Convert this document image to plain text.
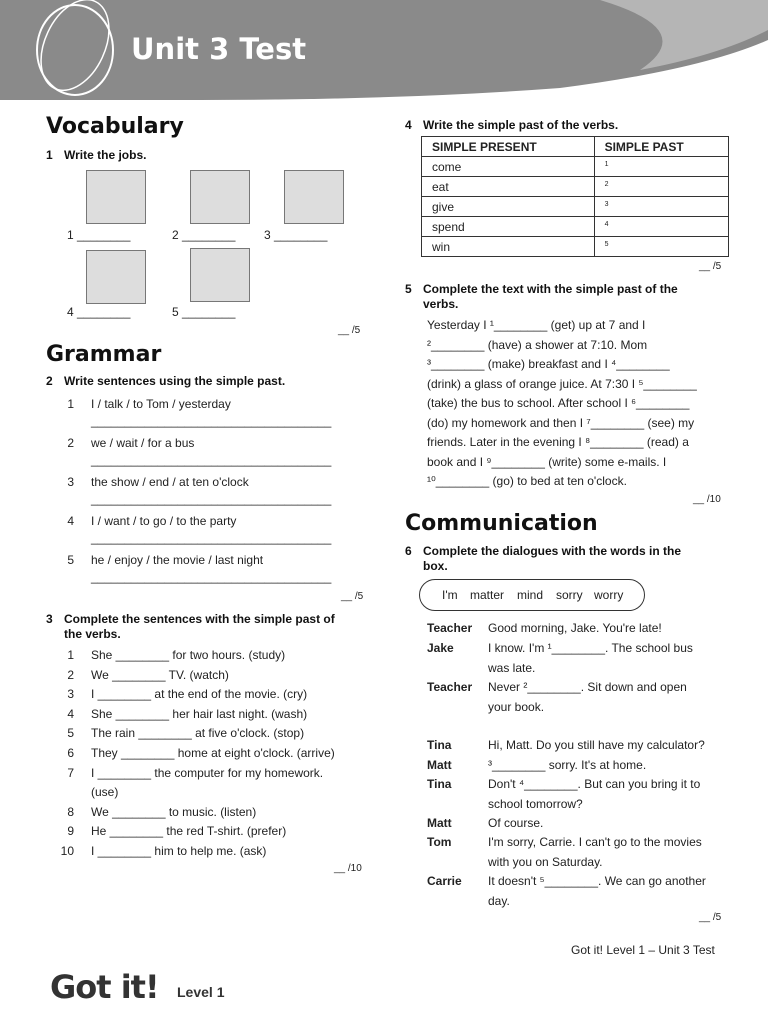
Unit 3 Test
Vocabulary
1 Write the jobs.
1 ________	2 ________ 3 ________
4 ________	5 ________
__ /5
Grammar
2 Write sentences using the simple past.
1 I / talk / to Tom / yesterday
____________________________________
2 we / wait / for a bus
____________________________________
3 the show / end / at ten o'clock
____________________________________
4 I / want / to go / to the party
____________________________________
5 he / enjoy / the movie / last night
____________________________________
__ /5
3 Complete the sentences with the simple past of
the verbs.
1 She ________ for two hours. (study)
2 We ________ TV. (watch)
3 I ________ at the end of the movie. (cry)
4 She ________ her hair last night. (wash)
5 The rain ________ at five o'clock. (stop)
6 They ________ home at eight o'clock. (arrive)
7 I ________ the computer for my homework.
(use)
8 We ________ to music. (listen)
9 He ________ the red T-shirt. (prefer)
10 I ________ him to help me. (ask)
__ /10
4 Write the simple past of the verbs.
SIMPLE PRESENT	SIMPLE PAST
come	$^1$
eat	$^2$
give	$^3$
spend	$^4$
win	$^5$
__ /5
5 Complete the text with the simple past of the
verbs.
Yesterday I ¹________ (get) up at 7 and I
²________ (have) a shower at 7:10. Mom
³________ (make) breakfast and I ⁴________
(drink) a glass of orange juice. At 7:30 I ⁵________
(take) the bus to school. After school I ⁶________
(do) my homework and then I ⁷________ (see) my
friends. Later in the evening I ⁸________ (read) a
book and I ⁹________ (write) some e-mails. I
¹⁰________ (go) to bed at ten o'clock.
__ /10
Communication
6 Complete the dialogues with the words in the
box.
I'm matter mind sorry worry
Teacher Good morning, Jake. You're late!
Jake	I know. I'm ¹________. The school bus
was late.
Teacher Never ²________. Sit down and open
your book.
Tina	Hi, Matt. Do you still have my calculator?
Matt	³________ sorry. It's at home.
Tina	Don't ⁴________. But can you bring it to
school tomorrow?
Matt	Of course.
Tom	I'm sorry, Carrie. I can't go to the movies
with you on Saturday.
Carrie It doesn't ⁵________. We can go another
day.
__ /5
Got it! Level 1 – Unit 3 Test
Got it! Level 1
